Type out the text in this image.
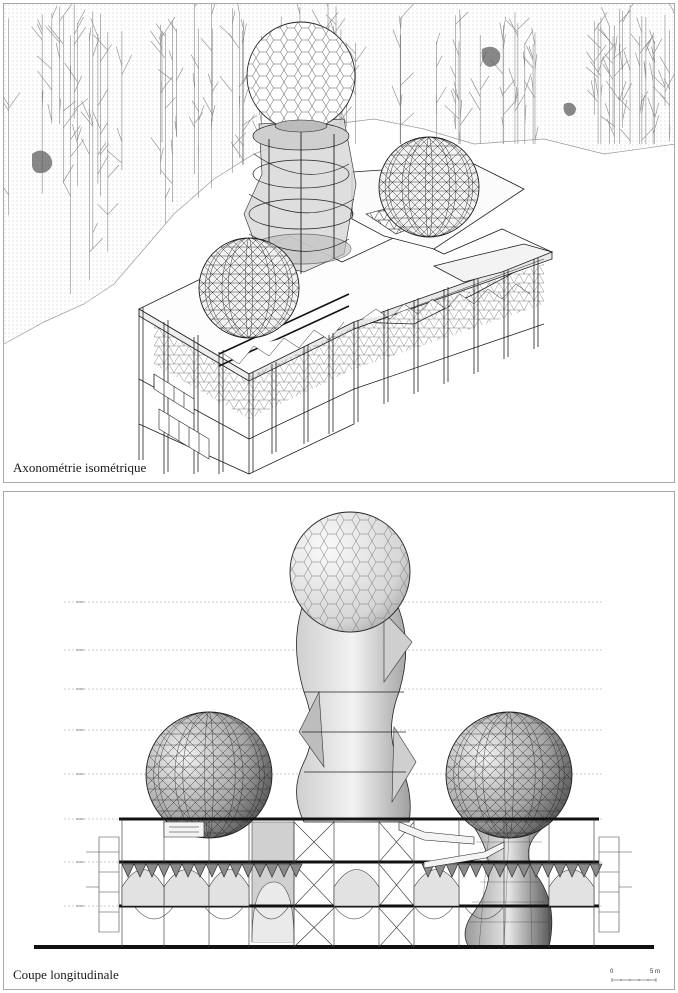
Axonométrie isométrique
0	5 m
Coupe longitudinale
